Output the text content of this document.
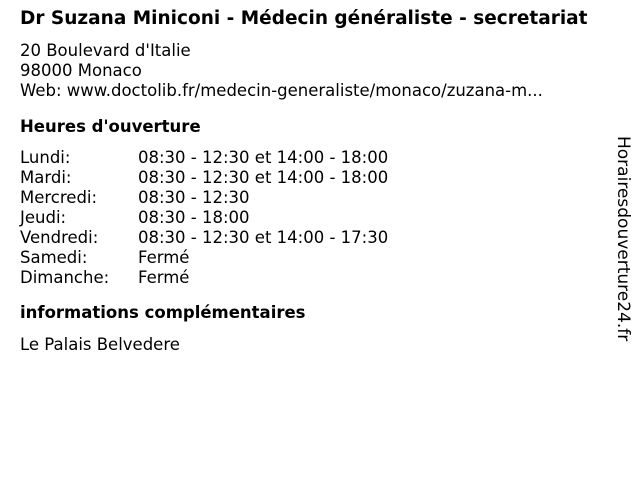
Dr Suzana Miniconi - Médecin généraliste - secretariat
20 Boulevard d'Italie
98000 Monaco
Web: www.doctolib.fr/medecin-generaliste/monaco/zuzana-m...
Heures d'ouverture
Lundi:	08:30 - 12:30 et 14:00 - 18:00
Mardi:	08:30 - 12:30 et 14:00 - 18:00
Mercredi:	08:30 - 12:30
Jeudi:	08:30 - 18:00
Vendredi:	08:30 - 12:30 et 14:00 - 17:30
Samedi:	Fermé
Dimanche:	Fermé
informations complémentaires
Le Palais Belvedere
Horairesdouverture24.fr
